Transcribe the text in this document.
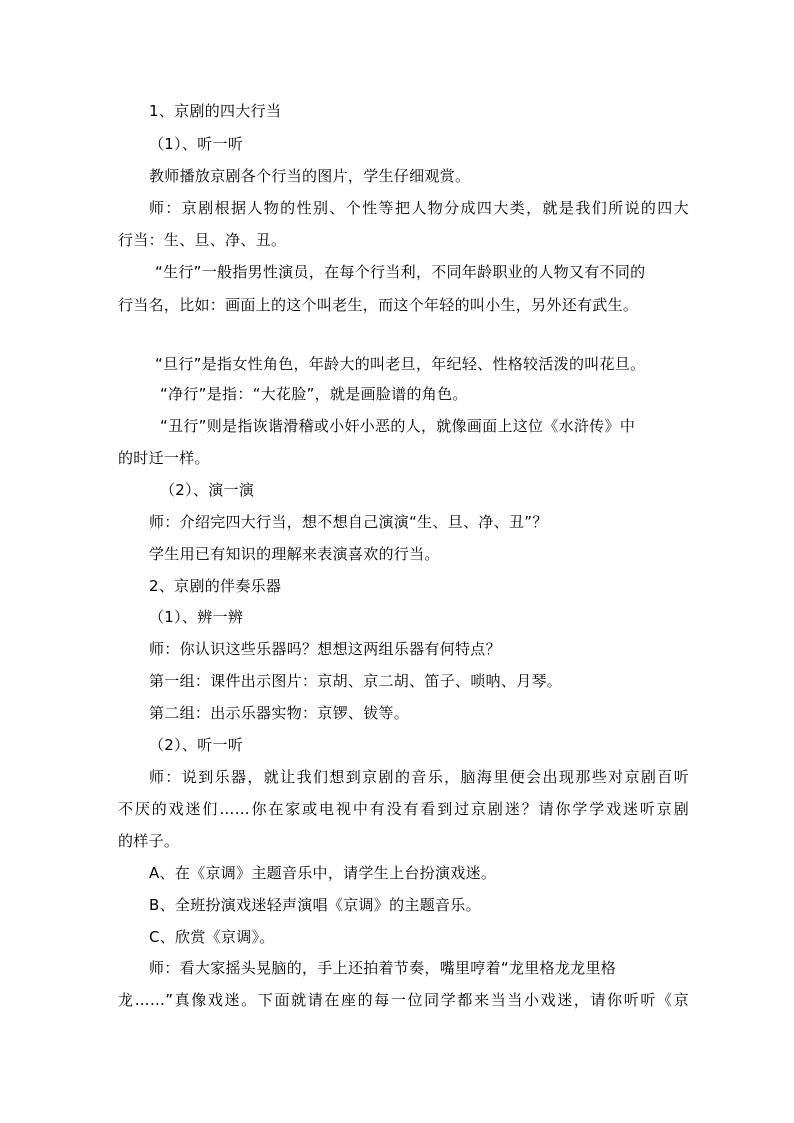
1、京剧的四大行当
（1）、听一听
教师播放京剧各个行当的图片，学生仔细观赏。
师：京剧根据人物的性别、个性等把人物分成四大类，就是我们所说的四大
行当：生、旦、净、丑。
“生行”一般指男性演员，在每个行当利，不同年龄职业的人物又有不同的
行当名，比如：画面上的这个叫老生，而这个年轻的叫小生，另外还有武生。
“旦行”是指女性角色，年龄大的叫老旦，年纪轻、性格较活泼的叫花旦。
“净行”是指：“大花脸”，就是画脸谱的角色。
“丑行”则是指诙谐滑稽或小奸小恶的人，就像画面上这位《水浒传》中
的时迁一样。
（2）、演一演
师：介绍完四大行当，想不想自己演演“生、旦、净、丑”？
学生用已有知识的理解来表演喜欢的行当。
2、京剧的伴奏乐器
（1）、辨一辨
师：你认识这些乐器吗？想想这两组乐器有何特点？
第一组：课件出示图片：京胡、京二胡、笛子、唢呐、月琴。
第二组：出示乐器实物：京锣、钹等。
（2）、听一听
师：说到乐器，就让我们想到京剧的音乐，脑海里便会出现那些对京剧百听
不厌的戏迷们……你在家或电视中有没有看到过京剧迷？请你学学戏迷听京剧
的样子。
A、在《京调》主题音乐中，请学生上台扮演戏迷。
B、全班扮演戏迷轻声演唱《京调》的主题音乐。
C、欣赏《京调》。
师：看大家摇头晃脑的，手上还拍着节奏，嘴里哼着“龙里格龙龙里格
龙……”真像戏迷。下面就请在座的每一位同学都来当当小戏迷，请你听听《京
